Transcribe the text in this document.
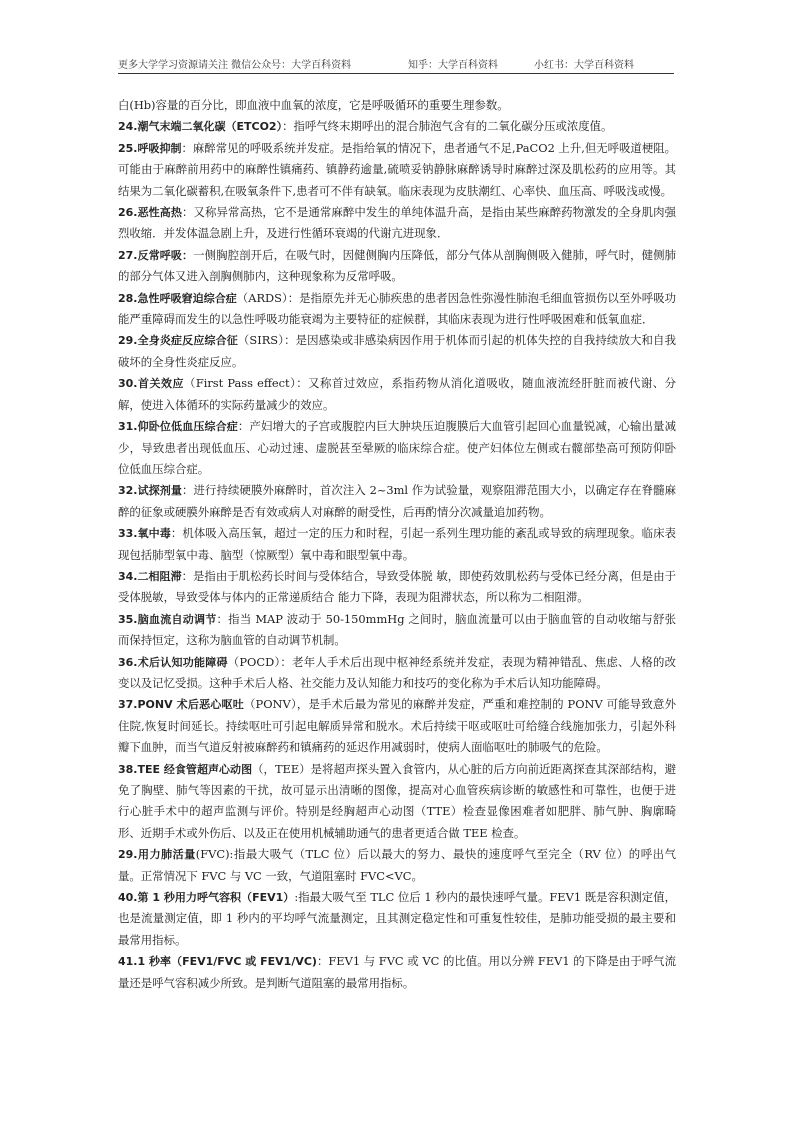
更多大学学习资源请关注 微信公众号：大学百科资料	知乎：大学百科资料	小红书：大学百科资料

白(Hb)容量的百分比，即血液中血氧的浓度，它是呼吸循环的重要生理参数。

24.潮气末端二氧化碳（ETCO2）：指呼气终末期呼出的混合肺泡气含有的二氧化碳分压或浓度值。

25.呼吸抑制：麻醉常见的呼吸系统并发症。是指给氧的情况下，患者通气不足,PaCO2 上升,但无呼吸道梗阻。可能由于麻醉前用药中的麻醉性镇痛药、镇静药逾量,硫喷妥钠静脉麻醉诱导时麻醉过深及肌松药的应用等。其结果为二氧化碳蓄积,在吸氧条件下,患者可不伴有缺氧。临床表现为皮肤潮红、心率快、血压高、呼吸浅或慢。

26.恶性高热：又称异常高热，它不是通常麻醉中发生的单纯体温升高，是指由某些麻醉药物激发的全身肌肉强烈收缩．并发体温急剧上升，及进行性循环衰竭的代谢亢进现象．

27.反常呼吸：一侧胸腔剖开后，在吸气时，因健侧胸内压降低，部分气体从剖胸侧吸入健肺，呼气时，健侧肺的部分气体又进入剖胸侧肺内，这种现象称为反常呼吸。

28.急性呼吸窘迫综合症（ARDS）：是指原先并无心肺疾患的患者因急性弥漫性肺泡毛细血管损伤以至外呼吸功能严重障碍而发生的以急性呼吸功能衰竭为主要特征的症候群，其临床表现为进行性呼吸困难和低氧血症．

29.全身炎症反应综合征（SIRS）：是因感染或非感染病因作用于机体而引起的机体失控的自我持续放大和自我破坏的全身性炎症反应。

30.首关效应（First Pass effect）：又称首过效应，系指药物从消化道吸收，随血液流经肝脏而被代谢、分解，使进入体循环的实际药量减少的效应。

31.仰卧位低血压综合症：产妇增大的子宫或腹腔内巨大肿块压迫腹膜后大血管引起回心血量锐减，心输出量减少，导致患者出现低血压、心动过速、虚脱甚至晕厥的临床综合症。使产妇体位左侧或右髋部垫高可预防仰卧位低血压综合症。

32.试探剂量：进行持续硬膜外麻醉时，首次注入 2~3ml 作为试验量，观察阻滞范围大小，以确定存在脊髓麻醉的征象或硬膜外麻醉是否有效或病人对麻醉的耐受性，后再酌情分次减量追加药物。

33.氧中毒：机体吸入高压氧，超过一定的压力和时程，引起一系列生理功能的紊乱或导致的病理现象。临床表现包括肺型氧中毒、脑型（惊厥型）氧中毒和眼型氧中毒。

34.二相阻滞：是指由于肌松药长时间与受体结合，导致受体脱 敏，即使药效肌松药与受体已经分离，但是由于受体脱敏，导致受体与体内的正常递质结合 能力下降，表现为阻滞状态，所以称为二相阻滞。

35.脑血流自动调节：指当 MAP 波动于 50-150mmHg 之间时，脑血流量可以由于脑血管的自动收缩与舒张而保持恒定，这称为脑血管的自动调节机制。

36.术后认知功能障碍（POCD）：老年人手术后出现中枢神经系统并发症，表现为精神错乱、焦虑、人格的改变以及记忆受损。这种手术后人格、社交能力及认知能力和技巧的变化称为手术后认知功能障碍。

37.PONV 术后恶心呕吐（PONV），是手术后最为常见的麻醉并发症，严重和难控制的 PONV 可能导致意外住院,恢复时间延长。持续呕吐可引起电解质异常和脱水。术后持续干呕或呕吐可给缝合线施加张力，引起外科瓣下血肿，而当气道反射被麻醉药和镇痛药的延迟作用减弱时，使病人面临呕吐的肺吸气的危险。

38.TEE 经食管超声心动图（，TEE）是将超声探头置入食管内，从心脏的后方向前近距离探查其深部结构，避免了胸壁、肺气等因素的干扰，故可显示出清晰的图像，提高对心血管疾病诊断的敏感性和可靠性，也便于进行心脏手术中的超声监测与评价。特别是经胸超声心动图（TTE）检查显像困难者如肥胖、肺气肿、胸廓畸形、近期手术或外伤后、以及正在使用机械辅助通气的患者更适合做 TEE 检查。

29.用力肺活量(FVC):指最大吸气（TLC 位）后以最大的努力、最快的速度呼气至完全（RV 位）的呼出气量。正常情况下 FVC 与 VC 一致，气道阻塞时 FVC<VC。

40.第 1 秒用力呼气容积（FEV1）:指最大吸气至 TLC 位后 1 秒内的最快速呼气量。FEV1 既是容积测定值，也是流量测定值，即 1 秒内的平均呼气流量测定，且其测定稳定性和可重复性较佳，是肺功能受损的最主要和最常用指标。

41.1 秒率（FEV1/FVC 或 FEV1/VC)：FEV1 与 FVC 或 VC 的比值。用以分辨 FEV1 的下降是由于呼气流量还是呼气容积减少所致。是判断气道阻塞的最常用指标。
